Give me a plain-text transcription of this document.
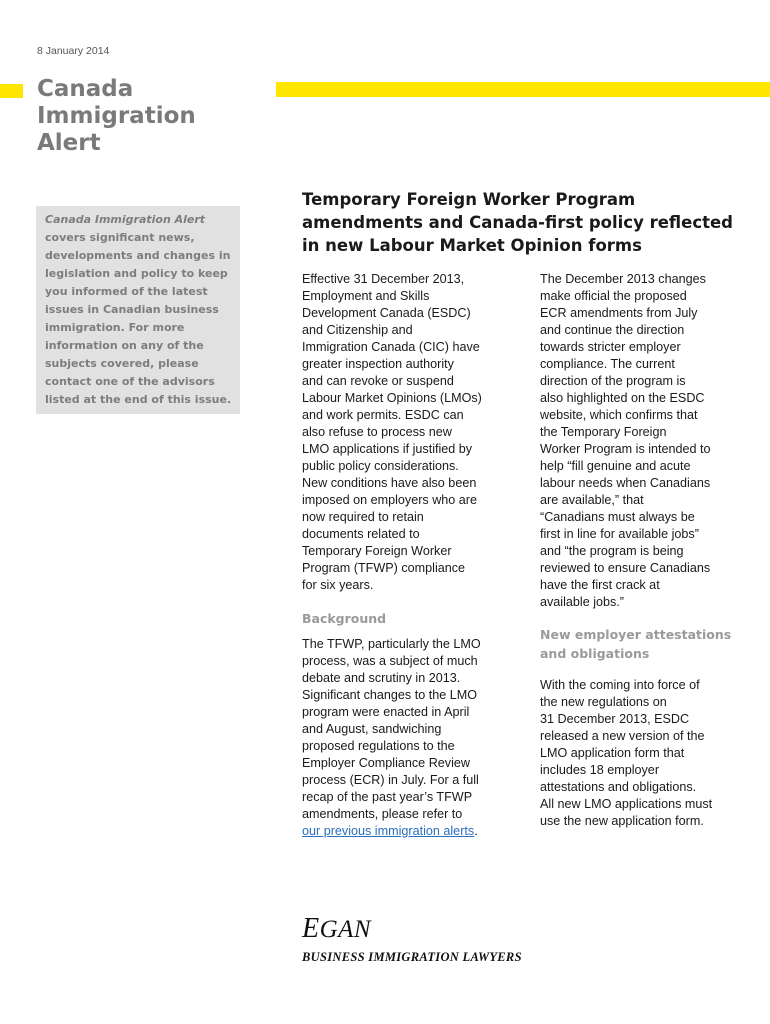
8 January 2014
Canada
Immigration
Alert
Canada Immigration Alert

covers significant news,

developments and changes in

legislation and policy to keep

you informed of the latest

issues in Canadian business

immigration. For more

information on any of the

subjects covered, please

contact one of the advisors

listed at the end of this issue.

Temporary Foreign Worker Program
amendments and Canada-first policy reflected
in new Labour Market Opinion forms

Effective 31 December 2013,

Employment and Skills

Development Canada (ESDC)

and Citizenship and

Immigration Canada (CIC) have

greater inspection authority

and can revoke or suspend

Labour Market Opinions (LMOs)

and work permits. ESDC can

also refuse to process new

LMO applications if justified by

public policy considerations.

New conditions have also been

imposed on employers who are

now required to retain

documents related to

Temporary Foreign Worker

Program (TFWP) compliance

for six years.

Background

The TFWP, particularly the LMO

process, was a subject of much

debate and scrutiny in 2013.

Significant changes to the LMO

program were enacted in April

and August, sandwiching

proposed regulations to the

Employer Compliance Review

process (ECR) in July. For a full

recap of the past year’s TFWP

amendments, please refer to

our previous immigration alerts.

The December 2013 changes

make official the proposed

ECR amendments from July

and continue the direction

towards stricter employer

compliance. The current

direction of the program is

also highlighted on the ESDC

website, which confirms that

the Temporary Foreign

Worker Program is intended to

help “fill genuine and acute

labour needs when Canadians

are available,” that

“Canadians must always be

first in line for available jobs”

and “the program is being

reviewed to ensure Canadians

have the first crack at

available jobs.”

New employer attestations
and obligations

With the coming into force of

the new regulations on

31 December 2013, ESDC

released a new version of the

LMO application form that

includes 18 employer

attestations and obligations.

All new LMO applications must

use the new application form.

EGAN
BUSINESS IMMIGRATION LAWYERS
